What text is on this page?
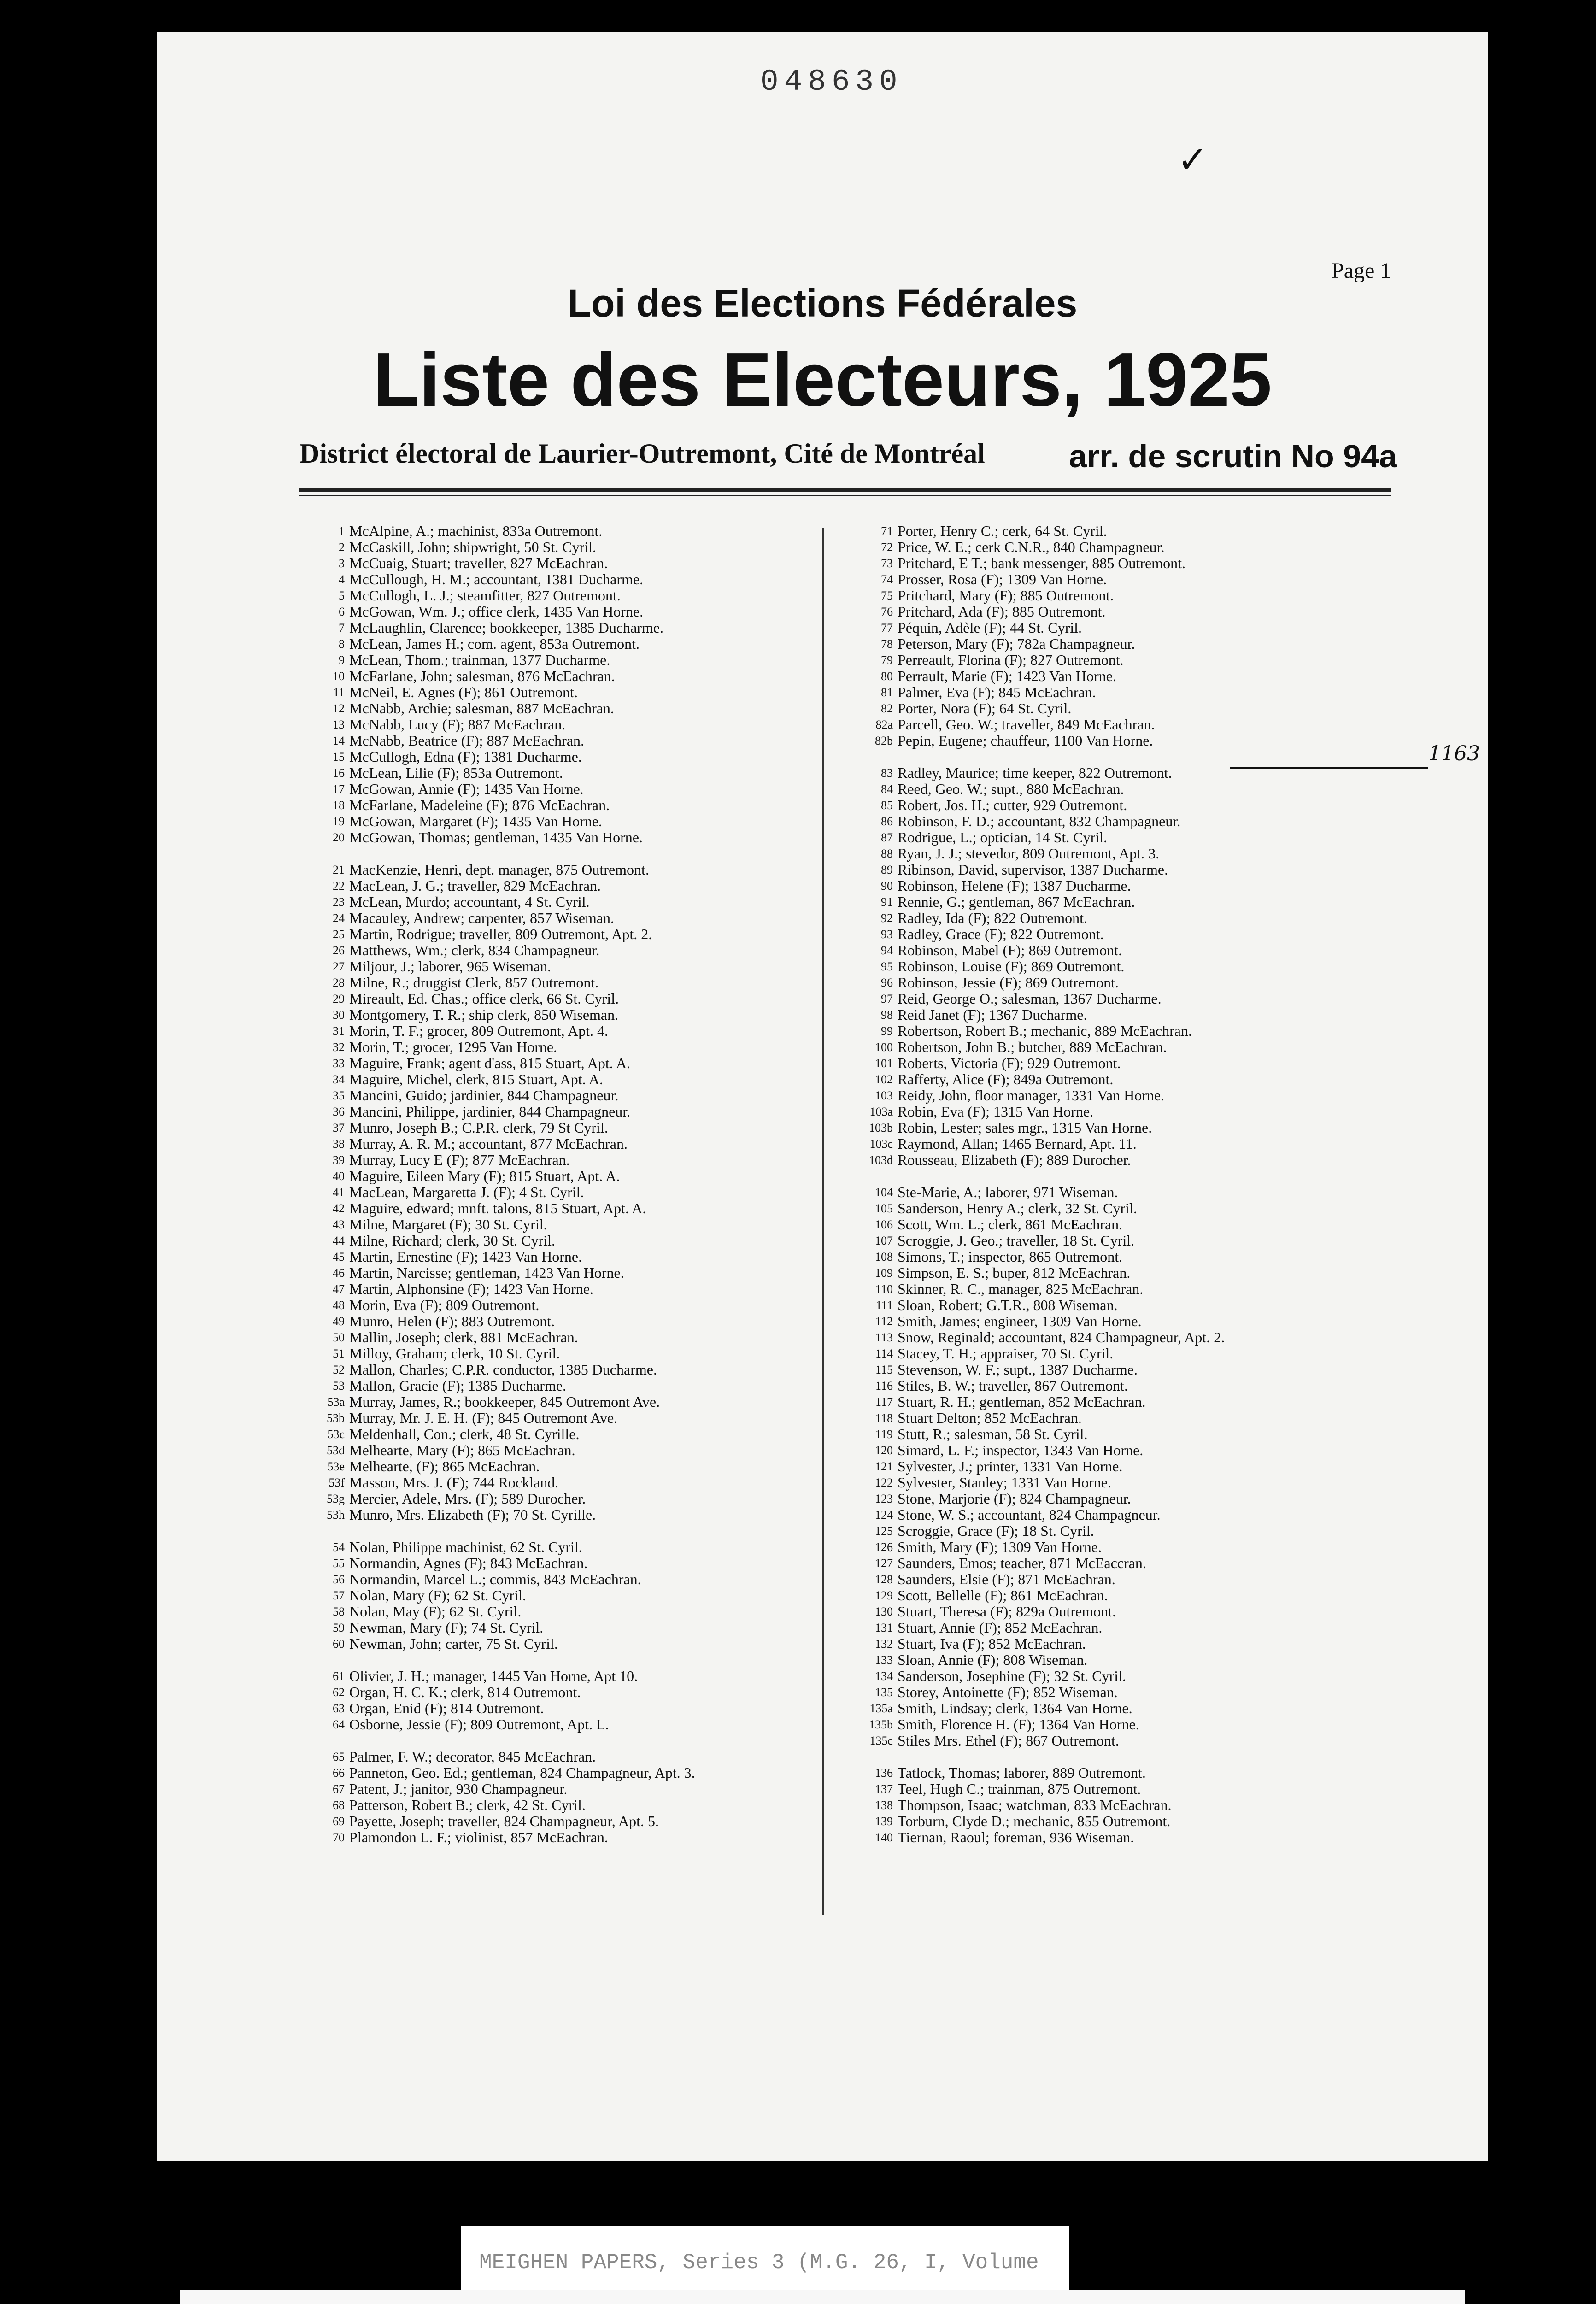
048630
✓
Page 1
Loi des Elections Fédérales
Liste des Electeurs, 1925
District électoral de Laurier-Outremont, Cité de Montréal	arr. de scrutin No 94a
1 McAlpine, A.; machinist, 833a Outremont.
2 McCaskill, John; shipwright, 50 St. Cyril.
3 McCuaig, Stuart; traveller, 827 McEachran.
4 McCullough, H. M.; accountant, 1381 Ducharme.
5 McCullogh, L. J.; steamfitter, 827 Outremont.
6 McGowan, Wm. J.; office clerk, 1435 Van Horne.
7 McLaughlin, Clarence; bookkeeper, 1385 Ducharme.
8 McLean, James H.; com. agent, 853a Outremont.
9 McLean, Thom.; trainman, 1377 Ducharme.
10 McFarlane, John; salesman, 876 McEachran.
11 McNeil, E. Agnes (F); 861 Outremont.
12 McNabb, Archie; salesman, 887 McEachran.
13 McNabb, Lucy (F); 887 McEachran.
14 McNabb, Beatrice (F); 887 McEachran.
15 McCullogh, Edna (F); 1381 Ducharme.
16 McLean, Lilie (F); 853a Outremont.
17 McGowan, Annie (F); 1435 Van Horne.
18 McFarlane, Madeleine (F); 876 McEachran.
19 McGowan, Margaret (F); 1435 Van Horne.
20 McGowan, Thomas; gentleman, 1435 Van Horne.
21 MacKenzie, Henri, dept. manager, 875 Outremont.
22 MacLean, J. G.; traveller, 829 McEachran.
23 McLean, Murdo; accountant, 4 St. Cyril.
24 Macauley, Andrew; carpenter, 857 Wiseman.
25 Martin, Rodrigue; traveller, 809 Outremont, Apt. 2.
26 Matthews, Wm.; clerk, 834 Champagneur.
27 Miljour, J.; laborer, 965 Wiseman.
28 Milne, R.; druggist Clerk, 857 Outremont.
29 Mireault, Ed. Chas.; office clerk, 66 St. Cyril.
30 Montgomery, T. R.; ship clerk, 850 Wiseman.
31 Morin, T. F.; grocer, 809 Outremont, Apt. 4.
32 Morin, T.; grocer, 1295 Van Horne.
33 Maguire, Frank; agent d'ass, 815 Stuart, Apt. A.
34 Maguire, Michel, clerk, 815 Stuart, Apt. A.
35 Mancini, Guido; jardinier, 844 Champagneur.
36 Mancini, Philippe, jardinier, 844 Champagneur.
37 Munro, Joseph B.; C.P.R. clerk, 79 St Cyril.
38 Murray, A. R. M.; accountant, 877 McEachran.
39 Murray, Lucy E (F); 877 McEachran.
40 Maguire, Eileen Mary (F); 815 Stuart, Apt. A.
41 MacLean, Margaretta J. (F); 4 St. Cyril.
42 Maguire, edward; mnft. talons, 815 Stuart, Apt. A.
43 Milne, Margaret (F); 30 St. Cyril.
44 Milne, Richard; clerk, 30 St. Cyril.
45 Martin, Ernestine (F); 1423 Van Horne.
46 Martin, Narcisse; gentleman, 1423 Van Horne.
47 Martin, Alphonsine (F); 1423 Van Horne.
48 Morin, Eva (F); 809 Outremont.
49 Munro, Helen (F); 883 Outremont.
50 Mallin, Joseph; clerk, 881 McEachran.
51 Milloy, Graham; clerk, 10 St. Cyril.
52 Mallon, Charles; C.P.R. conductor, 1385 Ducharme.
53 Mallon, Gracie (F); 1385 Ducharme.
53a Murray, James, R.; bookkeeper, 845 Outremont Ave.
53b Murray, Mr. J. E. H. (F); 845 Outremont Ave.
53c Meldenhall, Con.; clerk, 48 St. Cyrille.
53d Melhearte, Mary (F); 865 McEachran.
53e Melhearte, (F); 865 McEachran.
53f Masson, Mrs. J. (F); 744 Rockland.
53g Mercier, Adele, Mrs. (F); 589 Durocher.
53h Munro, Mrs. Elizabeth (F); 70 St. Cyrille.
54 Nolan, Philippe machinist, 62 St. Cyril.
55 Normandin, Agnes (F); 843 McEachran.
56 Normandin, Marcel L.; commis, 843 McEachran.
57 Nolan, Mary (F); 62 St. Cyril.
58 Nolan, May (F); 62 St. Cyril.
59 Newman, Mary (F); 74 St. Cyril.
60 Newman, John; carter, 75 St. Cyril.
61 Olivier, J. H.; manager, 1445 Van Horne, Apt 10.
62 Organ, H. C. K.; clerk, 814 Outremont.
63 Organ, Enid (F); 814 Outremont.
64 Osborne, Jessie (F); 809 Outremont, Apt. L.
65 Palmer, F. W.; decorator, 845 McEachran.
66 Panneton, Geo. Ed.; gentleman, 824 Champagneur, Apt. 3.
67 Patent, J.; janitor, 930 Champagneur.
68 Patterson, Robert B.; clerk, 42 St. Cyril.
69 Payette, Joseph; traveller, 824 Champagneur, Apt. 5.
70 Plamondon L. F.; violinist, 857 McEachran.
71 Porter, Henry C.; cerk, 64 St. Cyril.
72 Price, W. E.; cerk C.N.R., 840 Champagneur.
73 Pritchard, E T.; bank messenger, 885 Outremont.
74 Prosser, Rosa (F); 1309 Van Horne.
75 Pritchard, Mary (F); 885 Outremont.
76 Pritchard, Ada (F); 885 Outremont.
77 Péquin, Adèle (F); 44 St. Cyril.
78 Peterson, Mary (F); 782a Champagneur.
79 Perreault, Florina (F); 827 Outremont.
80 Perrault, Marie (F); 1423 Van Horne.
81 Palmer, Eva (F); 845 McEachran.
82 Porter, Nora (F); 64 St. Cyril.
82a Parcell, Geo. W.; traveller, 849 McEachran.
82b Pepin, Eugene; chauffeur, 1100 Van Horne.
83 Radley, Maurice; time keeper, 822 Outremont.
84 Reed, Geo. W.; supt., 880 McEachran.
85 Robert, Jos. H.; cutter, 929 Outremont.
86 Robinson, F. D.; accountant, 832 Champagneur.
87 Rodrigue, L.; optician, 14 St. Cyril.
88 Ryan, J. J.; stevedor, 809 Outremont, Apt. 3.
89 Ribinson, David, supervisor, 1387 Ducharme.
90 Robinson, Helene (F); 1387 Ducharme.
91 Rennie, G.; gentleman, 867 McEachran.
92 Radley, Ida (F); 822 Outremont.
93 Radley, Grace (F); 822 Outremont.
94 Robinson, Mabel (F); 869 Outremont.
95 Robinson, Louise (F); 869 Outremont.
96 Robinson, Jessie (F); 869 Outremont.
97 Reid, George O.; salesman, 1367 Ducharme.
98 Reid Janet (F); 1367 Ducharme.
99 Robertson, Robert B.; mechanic, 889 McEachran.
100 Robertson, John B.; butcher, 889 McEachran.
101 Roberts, Victoria (F); 929 Outremont.
102 Rafferty, Alice (F); 849a Outremont.
103 Reidy, John, floor manager, 1331 Van Horne.
103a Robin, Eva (F); 1315 Van Horne.
103b Robin, Lester; sales mgr., 1315 Van Horne.
103c Raymond, Allan; 1465 Bernard, Apt. 11.
103d Rousseau, Elizabeth (F); 889 Durocher.
104 Ste-Marie, A.; laborer, 971 Wiseman.
105 Sanderson, Henry A.; clerk, 32 St. Cyril.
106 Scott, Wm. L.; clerk, 861 McEachran.
107 Scroggie, J. Geo.; traveller, 18 St. Cyril.
108 Simons, T.; inspector, 865 Outremont.
109 Simpson, E. S.; buper, 812 McEachran.
110 Skinner, R. C., manager, 825 McEachran.
111 Sloan, Robert; G.T.R., 808 Wiseman.
112 Smith, James; engineer, 1309 Van Horne.
113 Snow, Reginald; accountant, 824 Champagneur, Apt. 2.
114 Stacey, T. H.; appraiser, 70 St. Cyril.
115 Stevenson, W. F.; supt., 1387 Ducharme.
116 Stiles, B. W.; traveller, 867 Outremont.
117 Stuart, R. H.; gentleman, 852 McEachran.
118 Stuart Delton; 852 McEachran.
119 Stutt, R.; salesman, 58 St. Cyril.
120 Simard, L. F.; inspector, 1343 Van Horne.
121 Sylvester, J.; printer, 1331 Van Horne.
122 Sylvester, Stanley; 1331 Van Horne.
123 Stone, Marjorie (F); 824 Champagneur.
124 Stone, W. S.; accountant, 824 Champagneur.
125 Scroggie, Grace (F); 18 St. Cyril.
126 Smith, Mary (F); 1309 Van Horne.
127 Saunders, Emos; teacher, 871 McEaccran.
128 Saunders, Elsie (F); 871 McEachran.
129 Scott, Bellelle (F); 861 McEachran.
130 Stuart, Theresa (F); 829a Outremont.
131 Stuart, Annie (F); 852 McEachran.
132 Stuart, Iva (F); 852 McEachran.
133 Sloan, Annie (F); 808 Wiseman.
134 Sanderson, Josephine (F); 32 St. Cyril.
135 Storey, Antoinette (F); 852 Wiseman.
135a Smith, Lindsay; clerk, 1364 Van Horne.
135b Smith, Florence H. (F); 1364 Van Horne.
135c Stiles Mrs. Ethel (F); 867 Outremont.
136 Tatlock, Thomas; laborer, 889 Outremont.
137 Teel, Hugh C.; trainman, 875 Outremont.
138 Thompson, Isaac; watchman, 833 McEachran.
139 Torburn, Clyde D.; mechanic, 855 Outremont.
140 Tiernan, Raoul; foreman, 936 Wiseman.
1163
MEIGHEN PAPERS, Series 3 (M.G. 26, I, Volume
